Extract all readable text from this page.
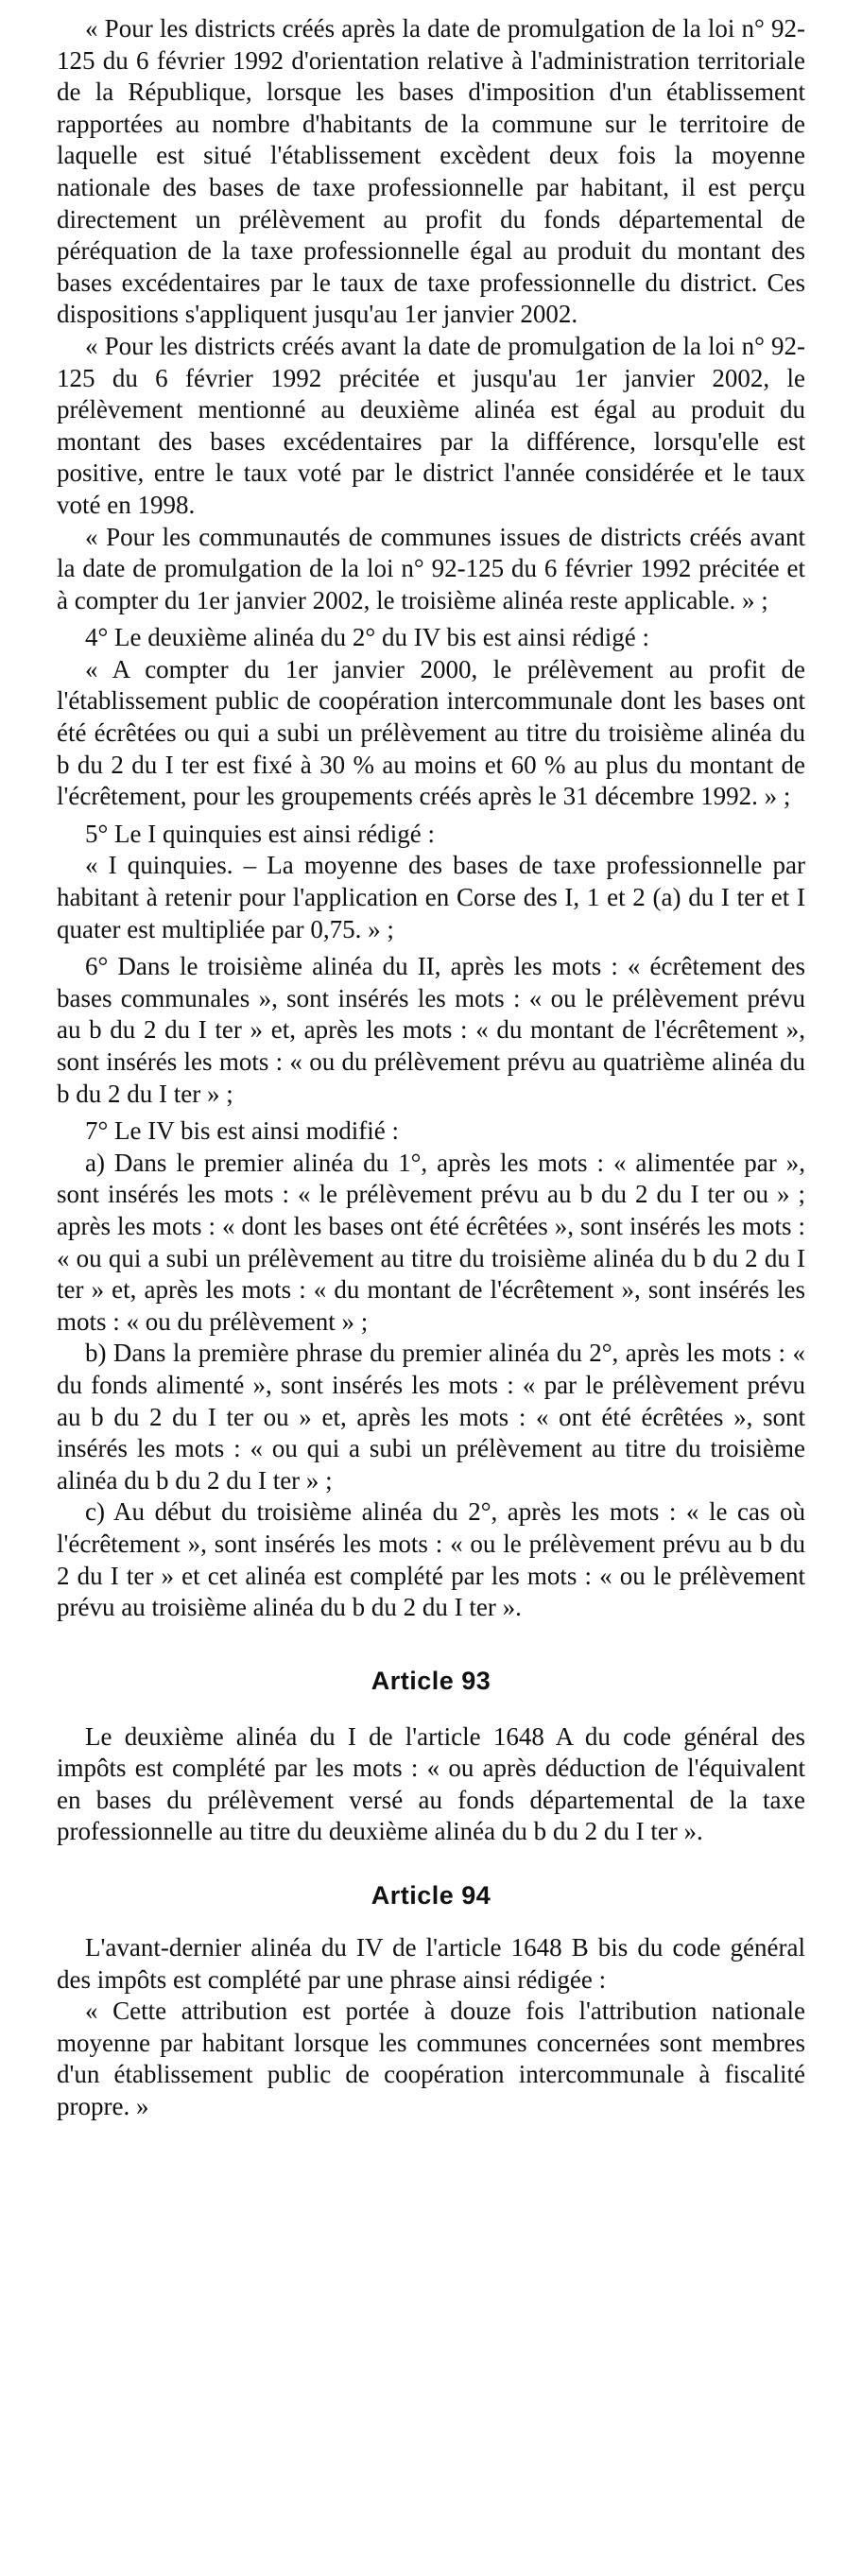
« Pour les districts créés après la date de promulgation de la loi n° 92-125 du 6 février 1992 d'orientation relative à l'administration territoriale de la République, lorsque les bases d'imposition d'un établissement rapportées au nombre d'habitants de la commune sur le territoire de laquelle est situé l'établissement excèdent deux fois la moyenne nationale des bases de taxe professionnelle par habitant, il est perçu directement un prélèvement au profit du fonds départemental de péréquation de la taxe professionnelle égal au produit du montant des bases excédentaires par le taux de taxe professionnelle du district. Ces dispositions s'appliquent jusqu'au 1er janvier 2002.

« Pour les districts créés avant la date de promulgation de la loi n° 92-125 du 6 février 1992 précitée et jusqu'au 1er janvier 2002, le prélèvement mentionné au deuxième alinéa est égal au produit du montant des bases excédentaires par la différence, lorsqu'elle est positive, entre le taux voté par le district l'année considérée et le taux voté en 1998.

« Pour les communautés de communes issues de districts créés avant la date de promulgation de la loi n° 92-125 du 6 février 1992 précitée et à compter du 1er janvier 2002, le troisième alinéa reste applicable. » ;

4° Le deuxième alinéa du 2° du IV bis est ainsi rédigé :

« A compter du 1er janvier 2000, le prélèvement au profit de l'établissement public de coopération intercommunale dont les bases ont été écrêtées ou qui a subi un prélèvement au titre du troisième alinéa du b du 2 du I ter est fixé à 30 % au moins et 60 % au plus du montant de l'écrêtement, pour les groupements créés après le 31 décembre 1992. » ;

5° Le I quinquies est ainsi rédigé :

« I quinquies. – La moyenne des bases de taxe professionnelle par habitant à retenir pour l'application en Corse des I, 1 et 2 (a) du I ter et I quater est multipliée par 0,75. » ;

6° Dans le troisième alinéa du II, après les mots : « écrêtement des bases communales », sont insérés les mots : « ou le prélèvement prévu au b du 2 du I ter » et, après les mots : « du montant de l'écrêtement », sont insérés les mots : « ou du prélèvement prévu au quatrième alinéa du b du 2 du I ter » ;

7° Le IV bis est ainsi modifié :

a) Dans le premier alinéa du 1°, après les mots : « alimentée par », sont insérés les mots : « le prélèvement prévu au b du 2 du I ter ou » ; après les mots : « dont les bases ont été écrêtées », sont insérés les mots : « ou qui a subi un prélèvement au titre du troisième alinéa du b du 2 du I ter » et, après les mots : « du montant de l'écrêtement », sont insérés les mots : « ou du prélèvement » ;

b) Dans la première phrase du premier alinéa du 2°, après les mots : « du fonds alimenté », sont insérés les mots : « par le prélèvement prévu au b du 2 du I ter ou » et, après les mots : « ont été écrêtées », sont insérés les mots : « ou qui a subi un prélèvement au titre du troisième alinéa du b du 2 du I ter » ;

c) Au début du troisième alinéa du 2°, après les mots : « le cas où l'écrêtement », sont insérés les mots : « ou le prélèvement prévu au b du 2 du I ter » et cet alinéa est complété par les mots : « ou le prélèvement prévu au troisième alinéa du b du 2 du I ter ».

Article 93

Le deuxième alinéa du I de l'article 1648 A du code général des impôts est complété par les mots : « ou après déduction de l'équivalent en bases du prélèvement versé au fonds départemental de la taxe professionnelle au titre du deuxième alinéa du b du 2 du I ter ».

Article 94

L'avant-dernier alinéa du IV de l'article 1648 B bis du code général des impôts est complété par une phrase ainsi rédigée :

« Cette attribution est portée à douze fois l'attribution nationale moyenne par habitant lorsque les communes concernées sont membres d'un établissement public de coopération intercommunale à fiscalité propre. »
